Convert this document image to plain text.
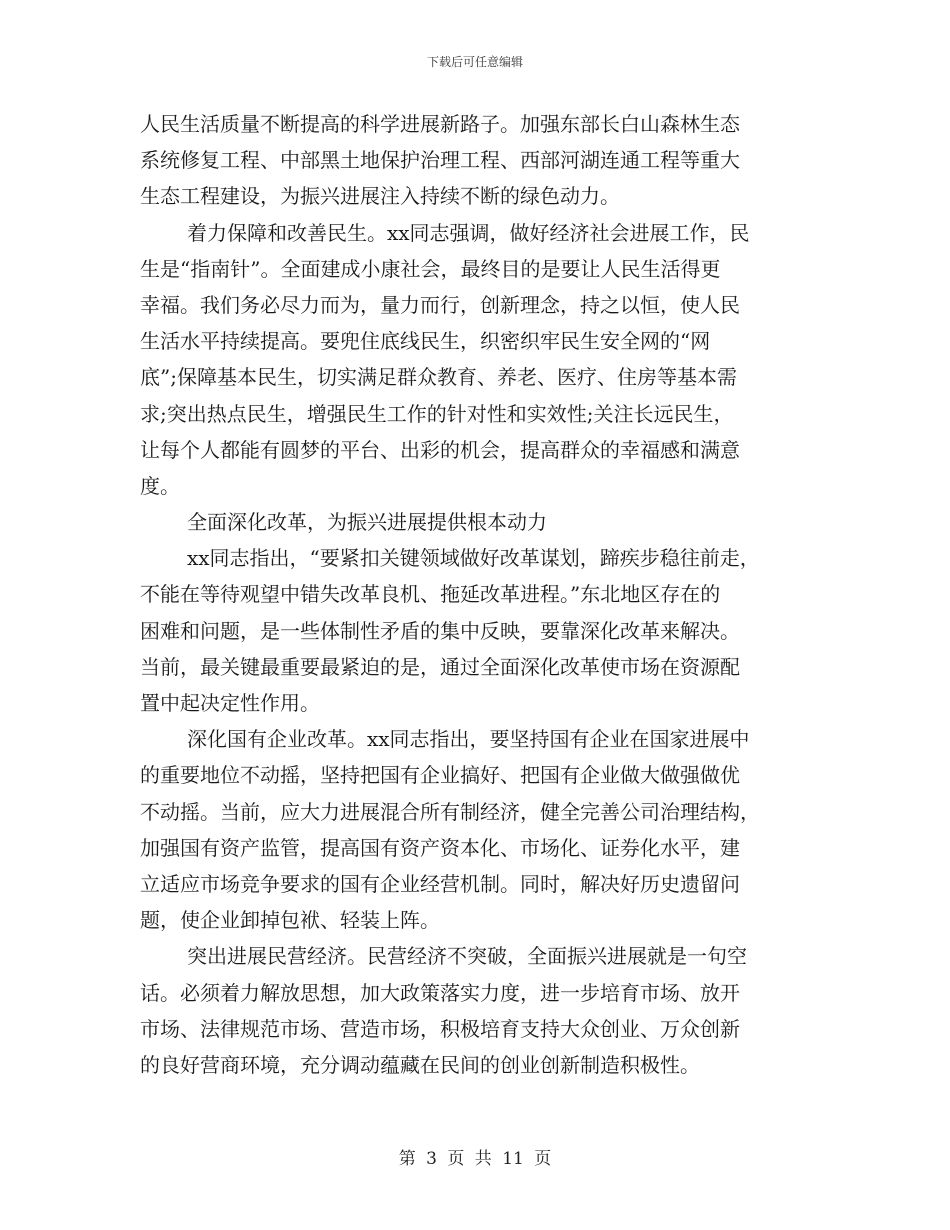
下载后可任意编辑
人民生活质量不断提高的科学进展新路子。加强东部长白山森林生态
系统修复工程、中部黑土地保护治理工程、西部河湖连通工程等重大
生态工程建设，为振兴进展注入持续不断的绿色动力。
着力保障和改善民生。xx同志强调，做好经济社会进展工作，民
生是“指南针”。全面建成小康社会，最终目的是要让人民生活得更
幸福。我们务必尽力而为，量力而行，创新理念，持之以恒，使人民
生活水平持续提高。要兜住底线民生，织密织牢民生安全网的“网
底”;保障基本民生，切实满足群众教育、养老、医疗、住房等基本需
求;突出热点民生，增强民生工作的针对性和实效性;关注长远民生，
让每个人都能有圆梦的平台、出彩的机会，提高群众的幸福感和满意
度。
全面深化改革，为振兴进展提供根本动力
xx同志指出，“要紧扣关键领域做好改革谋划，蹄疾步稳往前走，
不能在等待观望中错失改革良机、拖延改革进程。”东北地区存在的
困难和问题，是一些体制性矛盾的集中反映，要靠深化改革来解决。
当前，最关键最重要最紧迫的是，通过全面深化改革使市场在资源配
置中起决定性作用。
深化国有企业改革。xx同志指出，要坚持国有企业在国家进展中
的重要地位不动摇，坚持把国有企业搞好、把国有企业做大做强做优
不动摇。当前，应大力进展混合所有制经济，健全完善公司治理结构，
加强国有资产监管，提高国有资产资本化、市场化、证券化水平，建
立适应市场竞争要求的国有企业经营机制。同时，解决好历史遗留问
题，使企业卸掉包袱、轻装上阵。
突出进展民营经济。民营经济不突破，全面振兴进展就是一句空
话。必须着力解放思想，加大政策落实力度，进一步培育市场、放开
市场、法律规范市场、营造市场，积极培育支持大众创业、万众创新
的良好营商环境，充分调动蕴藏在民间的创业创新制造积极性。
第 3 页 共 11 页
